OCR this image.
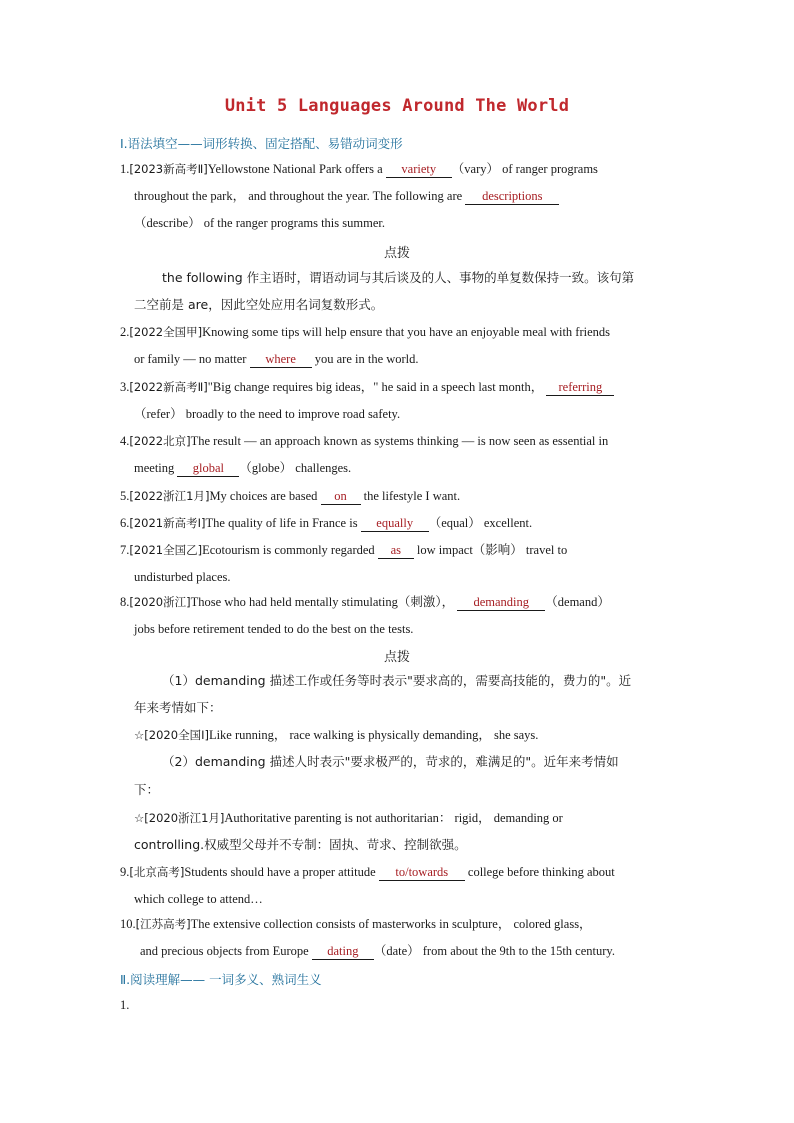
Unit 5 Languages Around The World
Ⅰ.语法填空——词形转换、固定搭配、易错动词变形
1.[2023新高考Ⅱ]Yellowstone National Park offers a variety （vary） of ranger programs
throughout the park， and throughout the year. The following are descriptions
（describe） of the ranger programs this summer.
点拨
the following 作主语时，谓语动词与其后谈及的人、事物的单复数保持一致。该句第
二空前是 are，因此空处应用名词复数形式。
2.[2022全国甲]Knowing some tips will help ensure that you have an enjoyable meal with friends
or family — no matter where you are in the world.
3.[2022新高考Ⅱ]"Big change requires big ideas，" he said in a speech last month， referring
（refer） broadly to the need to improve road safety.
4.[2022北京]The result — an approach known as systems thinking — is now seen as essential in
meeting global （globe） challenges.
5.[2022浙江1月]My choices are based on the lifestyle I want.
6.[2021新高考Ⅰ]The quality of life in France is equally （equal） excellent.
7.[2021全国乙]Ecotourism is commonly regarded as low impact（影响） travel to
undisturbed places.
8.[2020浙江]Those who had held mentally stimulating（刺激）， demanding （demand）
jobs before retirement tended to do the best on the tests.
点拨
（1）demanding 描述工作或任务等时表示"要求高的，需要高技能的，费力的"。近
年来考情如下：
☆[2020全国Ⅰ]Like running， race walking is physically demanding， she says.
（2）demanding 描述人时表示"要求极严的，苛求的，难满足的"。近年来考情如
下：
☆[2020浙江1月]Authoritative parenting is not authoritarian： rigid， demanding or
controlling.权威型父母并不专制：固执、苛求、控制欲强。
9.[北京高考]Students should have a proper attitude to/towards college before thinking about
which college to attend…
10.[江苏高考]The extensive collection consists of masterworks in sculpture， colored glass，
and precious objects from Europe dating （date） from about the 9th to the 15th century.
Ⅱ.阅读理解—— 一词多义、熟词生义
1.
